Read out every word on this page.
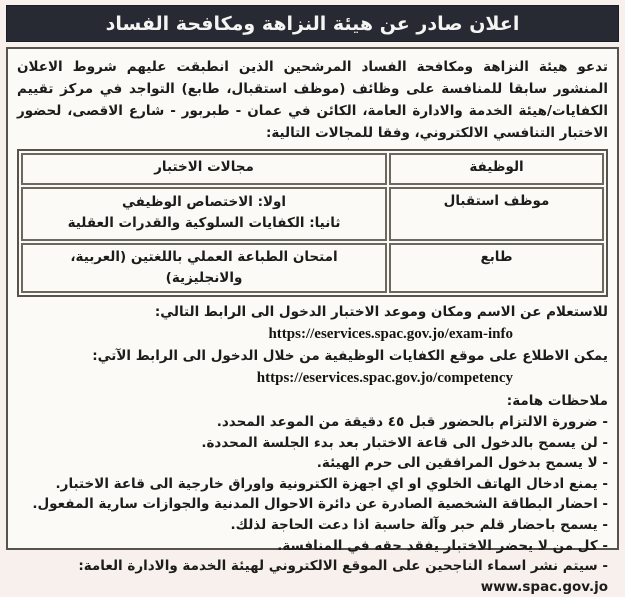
اعلان صادر عن هيئة النزاهة ومكافحة الفساد
تدعو هيئة النزاهة ومكافحة الفساد المرشحين الذين انطبقت عليهم شروط الاعلان المنشور سابقا للمنافسة على وظائف (موظف استقبال، طابع) التواجد في مركز تقييم الكفايات/هيئة الخدمة والادارة العامة، الكائن في عمان - طبربور - شارع الاقصى، لحضور الاختبار التنافسي الالكتروني، وفقا للمجالات التالية:
الوظيفة	مجالات الاختبار
موظف استقبال	اولا: الاختصاص الوظيفي
ثانيا: الكفايات السلوكية والقدرات العقلية

طابع	امتحان الطباعة العملي باللغتين (العربية، والانجليزية)
للاستعلام عن الاسم ومكان وموعد الاختبار الدخول الى الرابط التالي:
https://eservices.spac.gov.jo/exam-info
يمكن الاطلاع على موقع الكفايات الوظيفية من خلال الدخول الى الرابط الآتي:
https://eservices.spac.gov.jo/competency
ملاحظات هامة:
- ضرورة الالتزام بالحضور قبل ٤٥ دقيقة من الموعد المحدد.
- لن يسمح بالدخول الى قاعة الاختبار بعد بدء الجلسة المحددة.
- لا يسمح بدخول المرافقين الى حرم الهيئة.
- يمنع ادخال الهاتف الخلوي او اي اجهزة الكترونية واوراق خارجية الى قاعة الاختبار.
- احضار البطاقة الشخصية الصادرة عن دائرة الاحوال المدنية والجوازات سارية المفعول.
- يسمح باحضار قلم حبر وآلة حاسبة اذا دعت الحاجة لذلك.
- كل من لا يحضر الاختبار يفقد حقه في المنافسة.
- سيتم نشر اسماء الناجحين على الموقع الالكتروني لهيئة الخدمة والادارة العامة: www.spac.gov.jo
